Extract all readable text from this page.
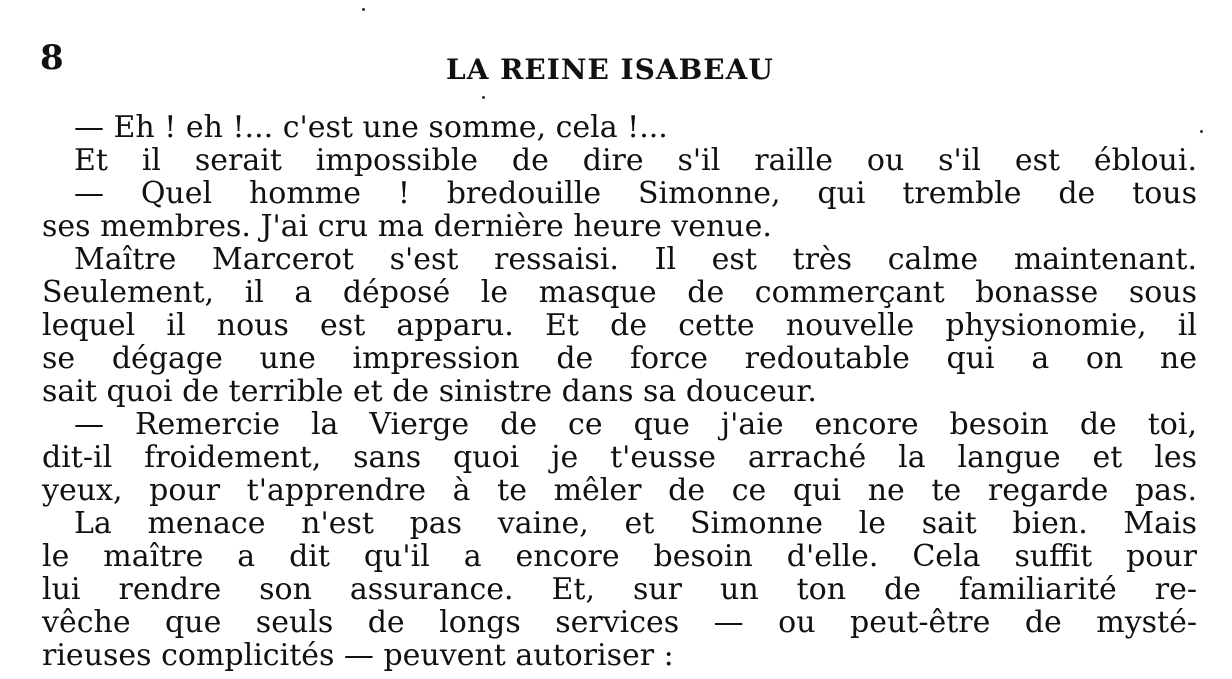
8	LA REINE ISABEAU
— Eh ! eh !... c'est une somme, cela !...
Et il serait impossible de dire s'il raille ou s'il est ébloui.
— Quel homme ! bredouille Simonne, qui tremble de tous
ses membres. J'ai cru ma dernière heure venue.
Maître Marcerot s'est ressaisi. Il est très calme maintenant.
Seulement, il a déposé le masque de commerçant bonasse sous
lequel il nous est apparu. Et de cette nouvelle physionomie, il
se dégage une impression de force redoutable qui a on ne
sait quoi de terrible et de sinistre dans sa douceur.
— Remercie la Vierge de ce que j'aie encore besoin de toi,
dit-il froidement, sans quoi je t'eusse arraché la langue et les
yeux, pour t'apprendre à te mêler de ce qui ne te regarde pas.
La menace n'est pas vaine, et Simonne le sait bien. Mais
le maître a dit qu'il a encore besoin d'elle. Cela suffit pour
lui rendre son assurance. Et, sur un ton de familiarité re-
vêche que seuls de longs services — ou peut-être de mysté-
rieuses complicités — peuvent autoriser :
